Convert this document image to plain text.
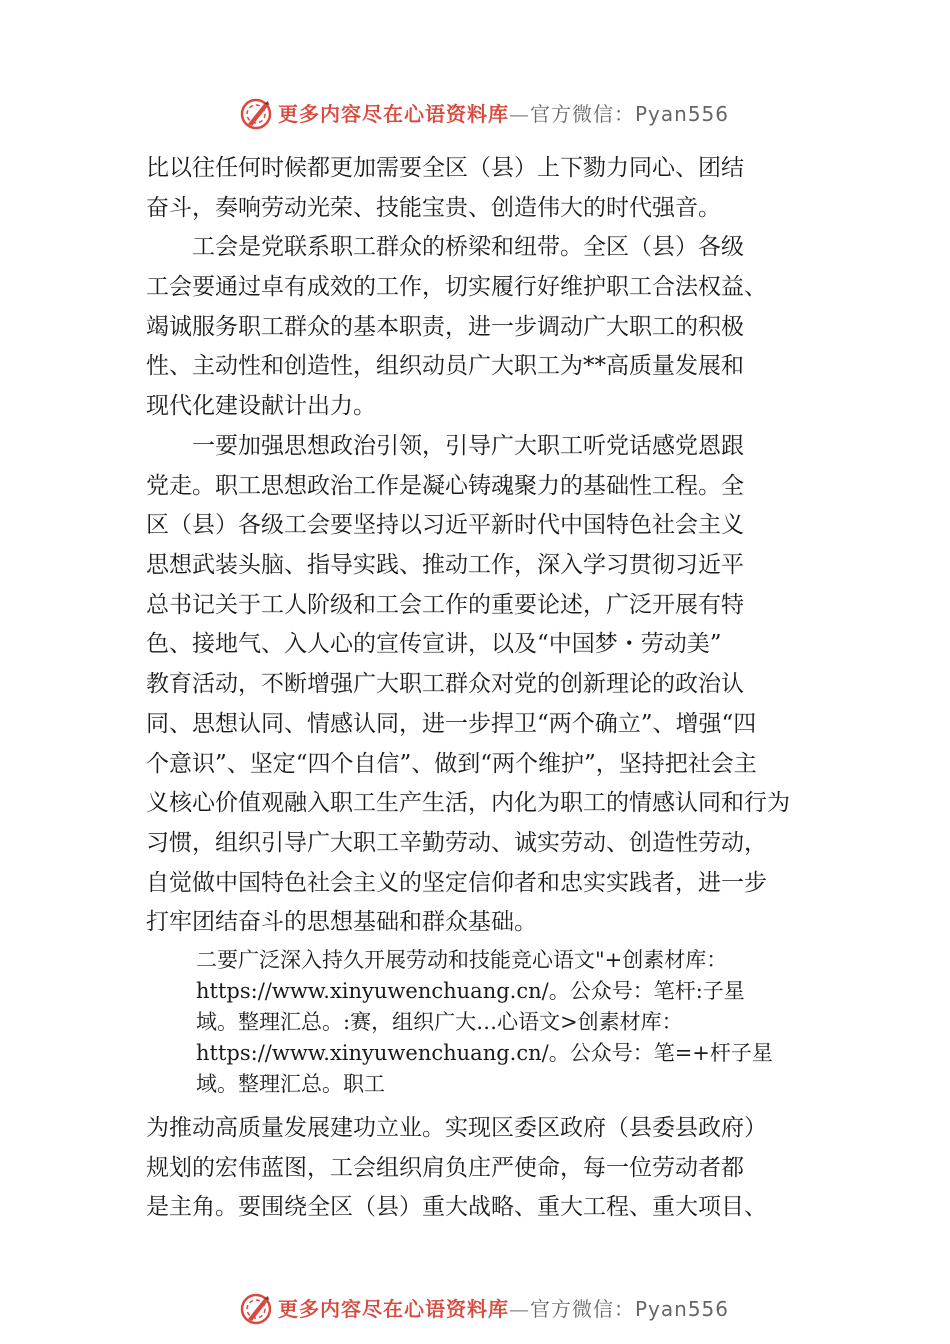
更多内容尽在心语资料库—官方微信：Pyan556
比以往任何时候都更加需要全区（县）上下勠力同心、团结
奋斗，奏响劳动光荣、技能宝贵、创造伟大的时代强音。
　　工会是党联系职工群众的桥梁和纽带。全区（县）各级
工会要通过卓有成效的工作，切实履行好维护职工合法权益、
竭诚服务职工群众的基本职责，进一步调动广大职工的积极
性、主动性和创造性，组织动员广大职工为**高质量发展和
现代化建设献计出力。
　　一要加强思想政治引领，引导广大职工听党话感党恩跟
党走。职工思想政治工作是凝心铸魂聚力的基础性工程。全
区（县）各级工会要坚持以习近平新时代中国特色社会主义
思想武装头脑、指导实践、推动工作，深入学习贯彻习近平
总书记关于工人阶级和工会工作的重要论述，广泛开展有特
色、接地气、入人心的宣传宣讲，以及“中国梦・劳动美”
教育活动，不断增强广大职工群众对党的创新理论的政治认
同、思想认同、情感认同，进一步捍卫“两个确立”、增强“四
个意识”、坚定“四个自信”、做到“两个维护”，坚持把社会主
义核心价值观融入职工生产生活，内化为职工的情感认同和行为
习惯，组织引导广大职工辛勤劳动、诚实劳动、创造性劳动，
自觉做中国特色社会主义的坚定信仰者和忠实实践者，进一步
打牢团结奋斗的思想基础和群众基础。
二要广泛深入持久开展劳动和技能竞心语文"+创素材库：
https://www.xinyuwenchuang.cn/。公众号：笔杆:子星
域。整理汇总。:赛，组织广大…心语文>创素材库：
https://www.xinyuwenchuang.cn/。公众号：笔=+杆子星
域。整理汇总。职工
为推动高质量发展建功立业。实现区委区政府（县委县政府）
规划的宏伟蓝图，工会组织肩负庄严使命，每一位劳动者都
是主角。要围绕全区（县）重大战略、重大工程、重大项目、
更多内容尽在心语资料库—官方微信：Pyan556
